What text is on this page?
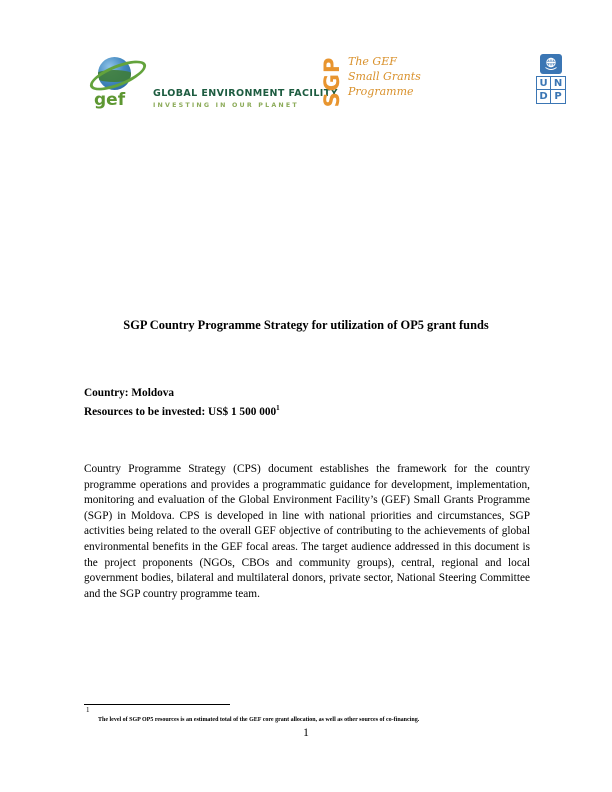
gef	GLOBAL ENVIRONMENT FACILITY
INVESTING IN OUR PLANET	SGP The GEF
Small Grants
Programme
U N
D P
SGP Country Programme Strategy for utilization of OP5 grant funds
Country: Moldova
Resources to be invested: US$ 1 500 $000^1$
Country Programme Strategy (CPS) document establishes the framework for the country programme operations and provides a programmatic guidance for development, implementation, monitoring and evaluation of the Global Environment Facility’s (GEF) Small Grants Programme (SGP) in Moldova. CPS is developed in line with national priorities and circumstances, SGP activities being related to the overall GEF objective of contributing to the achievements of global environmental benefits in the GEF focal areas. The target audience addressed in this document is the project proponents (NGOs, CBOs and community groups), central, regional and local government bodies, bilateral and multilateral donors, private sector, National Steering Committee and the SGP country programme team.
1
The level of SGP OP5 resources is an estimated total of the GEF core grant allocation, as well as other sources of co-financing.
1
